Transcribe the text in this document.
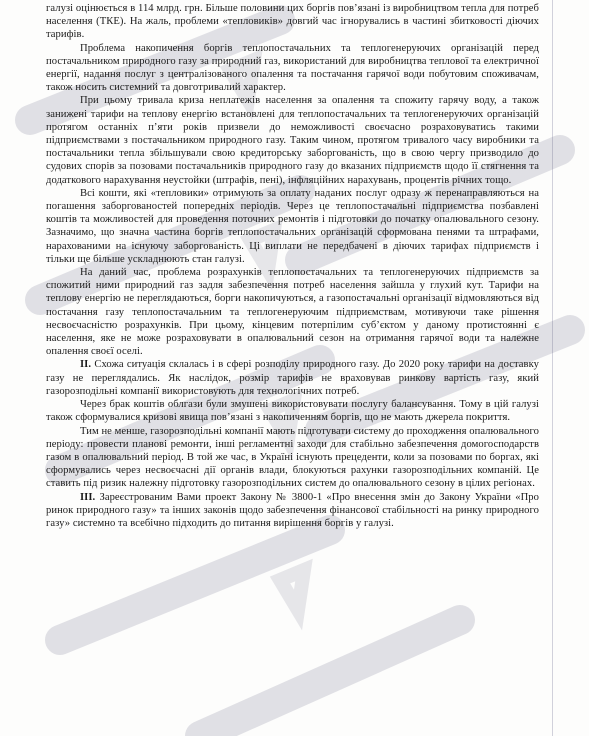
галузі оцінюється в 114 млрд. грн. Більше половини цих боргів пов’язані із виробництвом тепла для потреб населення (ТКЕ). На жаль, проблеми «тепловиків» довгий час ігнорувались в частині збитковості діючих тарифів.

Проблема накопичення боргів теплопостачальних та теплогенеруючих організацій перед постачальником природного газу за природний газ, використаний для виробництва теплової та електричної енергії, надання послуг з централізованого опалення та постачання гарячої води побутовим споживачам, також носить системний та довготривалий характер.

При цьому тривала криза неплатежів населення за опалення та спожиту гарячу воду, а також занижені тарифи на теплову енергію встановлені для теплопостачальних та теплогенеруючих організацій протягом останніх п’яти років призвели до неможливості своєчасно розраховуватись такими підприємствами з постачальником природного газу. Таким чином, протягом тривалого часу виробники та постачальники тепла збільшували свою кредиторську заборгованість, що в свою чергу призводило до судових спорів за позовами постачальників природного газу до вказаних підприємств щодо її стягнення та додаткового нарахування неустойки (штрафів, пені), інфляційних нарахувань, процентів річних тощо.

Всі кошти, які «тепловики» отримують за оплату наданих послуг одразу ж перенаправляються на погашення заборгованостей попередніх періодів. Через це теплопостачальні підприємства позбавлені коштів та можливостей для проведення поточних ремонтів і підготовки до початку опалювального сезону. Зазначимо, що значна частина боргів теплопостачальних організацій сформована пенями та штрафами, нарахованими на існуючу заборгованість. Ці виплати не передбачені в діючих тарифах підприємств і тільки ще більше ускладнюють стан галузі.

На даний час, проблема розрахунків теплопостачальних та теплогенеруючих підприємств за спожитий ними природний газ задля забезпечення потреб населення зайшла у глухий кут. Тарифи на теплову енергію не переглядаються, борги накопичуються, а газопостачальні організації відмовляються від постачання газу теплопостачальним та теплогенеруючим підприємствам, мотивуючи таке рішення несвоєчасністю розрахунків. При цьому, кінцевим потерпілим суб’єктом у даному протистоянні є населення, яке не може розраховувати в опалювальний сезон на отримання гарячої води та належне опалення своєї оселі.

II. Схожа ситуація склалась і в сфері розподілу природного газу. До 2020 року тарифи на доставку газу не переглядались. Як наслідок, розмір тарифів не враховував ринкову вартість газу, який газорозподільні компанії використовують для технологічних потреб.

Через брак коштів облгази були змушені використовувати послугу балансування. Тому в цій галузі також сформувалися кризові явища пов’язані з накопиченням боргів, що не мають джерела покриття.

Тим не менше, газорозподільні компанії мають підготувати систему до проходження опалювального періоду: провести планові ремонти, інші регламентні заходи для стабільно забезпечення домогосподарств газом в опалювальний період. В той же час, в Україні існують прецеденти, коли за позовами по боргах, які сформувались через несвоєчасні дії органів влади, блокуються рахунки газорозподільних компаній. Це ставить під ризик належну підготовку газорозподільних систем до опалювального сезону в цілих регіонах.

III. Зареєстрованим Вами проект Закону № 3800-1 «Про внесення змін до Закону України «Про ринок природного газу» та інших законів щодо забезпечення фінансової стабільності на ринку природного газу» системно та всебічно підходить до питання вирішення боргів у галузі.
